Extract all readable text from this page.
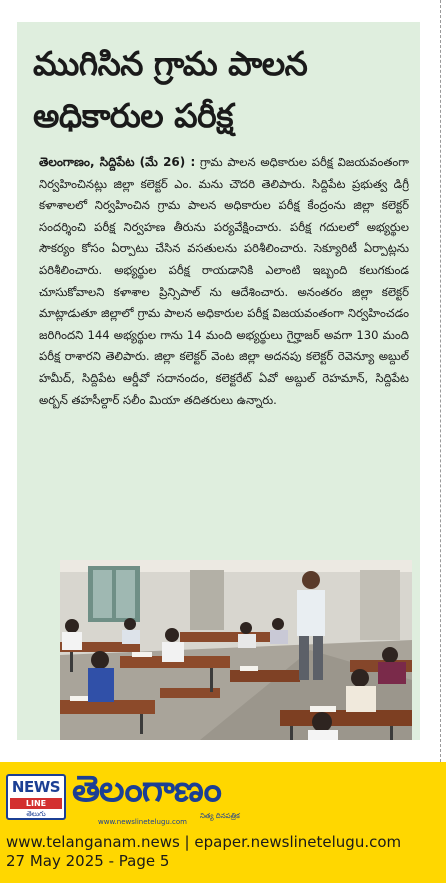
ముగిసిన గ్రామ పాలన అధికారుల పరీక్ష

తెలంగాణం, సిద్దిపేట (మే 26) : గ్రామ పాలన అధికారుల పరీక్ష విజయవంతంగా నిర్వహించినట్లు జిల్లా కలెక్టర్ ఎం. మను చౌదరి తెలిపారు. సిద్దిపేట ప్రభుత్వ డిగ్రీ కళాశాలలో నిర్వహించిన గ్రామ పాలన అధికారుల పరీక్ష కేంద్రంను జిల్లా కలెక్టర్ సందర్శించి పరీక్ష నిర్వహణ తీరును పర్యవేక్షించారు. పరీక్ష గదులలో అభ్యర్థుల సౌకర్యం కోసం ఏర్పాటు చేసిన వసతులను పరిశీలించారు. సెక్యూరిటీ ఏర్పాట్లను పరిశీలించారు. అభ్యర్థుల పరీక్ష రాయడానికి ఎలాంటి ఇబ్బంది కలుగకుండ చూసుకోవాలని కళాశాల ప్రిన్సిపాల్ ను ఆదేశించారు. అనంతరం జిల్లా కలెక్టర్ మాట్లాడుతూ జిల్లాలో గ్రామ పాలన అధికారుల పరీక్ష విజయవంతంగా నిర్వహించడం జరిగిందని 144 అభ్యర్థుల గాను 14 మంది అభ్యర్థులు గైర్హాజర్ అవగా 130 మంది పరీక్ష రాశారని తెలిపారు. జిల్లా కలెక్టర్ వెంట జిల్లా అదనపు కలెక్టర్ రెవెన్యూ అబ్దుల్ హమీద్, సిద్దిపేట ఆర్డీవో సదానందం, కలెక్టరేట్ ఏవో అబ్దుల్ రెహమాన్, సిద్దిపేట అర్బన్ తహసీల్దార్ సలీం మియా తదితరులు ఉన్నారు.

NEWS
LINE
తెలుగు
తెలంగాణం
నిత్య దినపత్రిక
www.newslinetelugu.com
www.telanganam.news | epaper.newslinetelugu.com
27 May 2025 - Page 5
